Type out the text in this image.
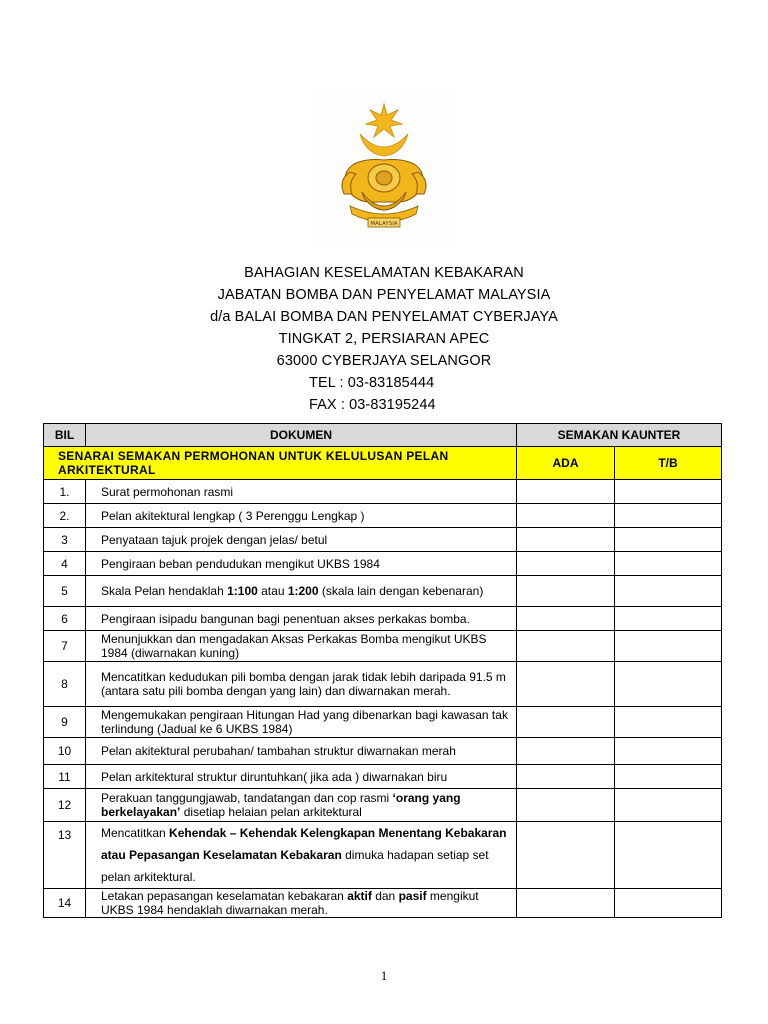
MALAYSIA
BAHAGIAN KESELAMATAN KEBAKARAN
JABATAN BOMBA DAN PENYELAMAT MALAYSIA
d/a BALAI BOMBA DAN PENYELAMAT CYBERJAYA
TINGKAT 2, PERSIARAN APEC
63000 CYBERJAYA SELANGOR
TEL : 03-83185444
FAX : 03-83195244
BIL	DOKUMEN	SEMAKAN KAUNTER	
SENARAI SEMAKAN PERMOHONAN UNTUK KELULUSAN PELAN ARKITEKTURAL		ADA	T/B
1.	Surat permohonan rasmi		
2.	Pelan akitektural lengkap ( 3 Perenggu Lengkap )		
3	Penyataan tajuk projek dengan jelas/ betul		
4	Pengiraan beban pendudukan mengikut UKBS 1984		
5	Skala Pelan hendaklah 1:100 atau 1:200 (skala lain dengan kebenaran)		
6	Pengiraan isipadu bangunan bagi penentuan akses perkakas bomba.		
7	Menunjukkan dan mengadakan Aksas Perkakas Bomba mengikut UKBS 1984 (diwarnakan kuning)		
8	Mencatitkan kedudukan pili bomba dengan jarak tidak lebih daripada 91.5 m (antara satu pili bomba dengan yang lain) dan diwarnakan merah.		
9	Mengemukakan pengiraan Hitungan Had yang dibenarkan bagi kawasan tak terlindung (Jadual ke 6 UKBS 1984)		
10	Pelan akitektural perubahan/ tambahan struktur diwarnakan merah		
11	Pelan arkitektural struktur diruntuhkan( jika ada ) diwarnakan biru		
12	Perakuan tanggungjawab, tandatangan dan cop rasmi ‘orang yang berkelayakan’ disetiap helaian pelan arkitektural		
13	Mencatitkan Kehendak – Kehendak Kelengkapan Menentang Kebakaran atau Pepasangan Keselamatan Kebakaran dimuka hadapan setiap set pelan arkitektural.		
14	Letakan pepasangan keselamatan kebakaran aktif dan pasif mengikut UKBS 1984 hendaklah diwarnakan merah.		
1
